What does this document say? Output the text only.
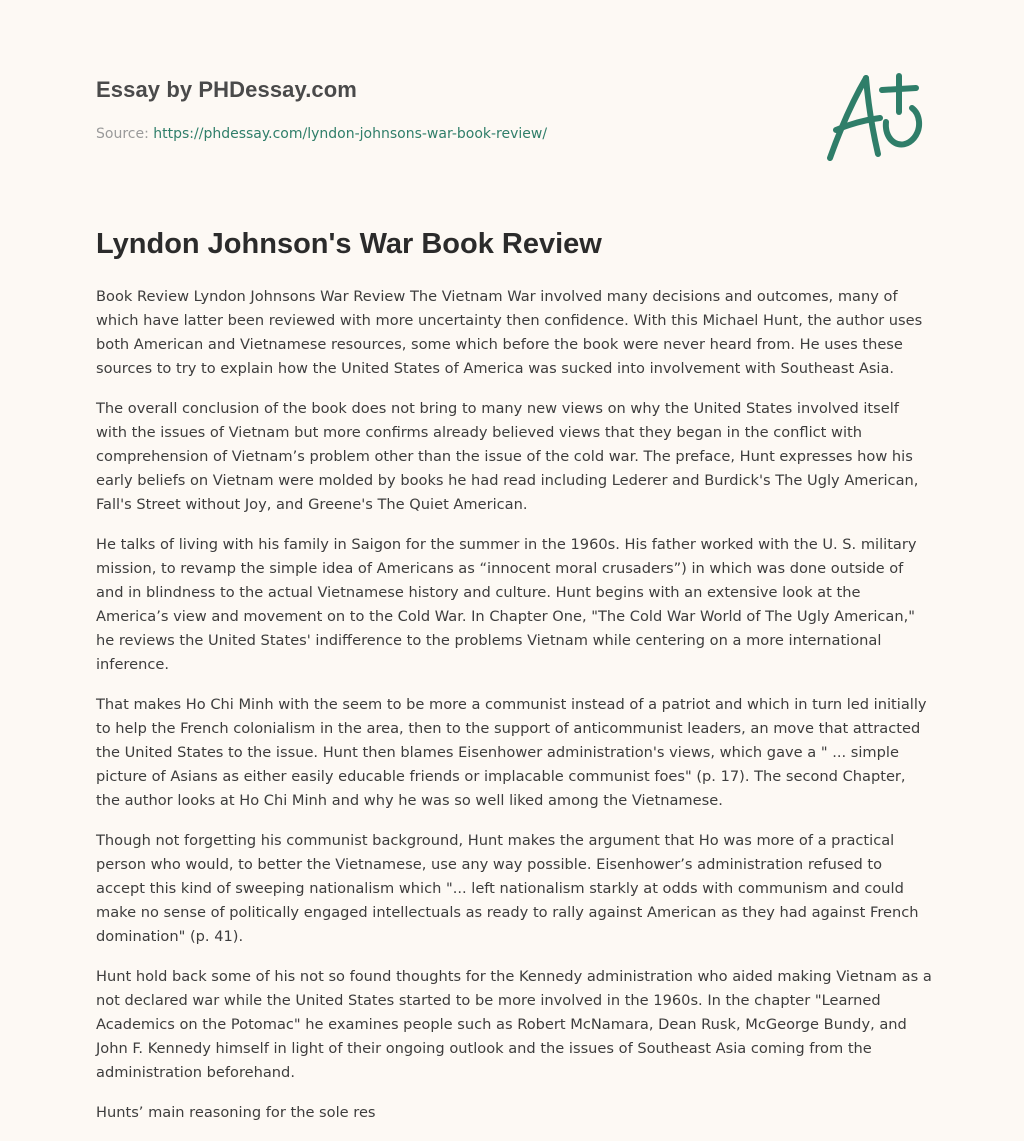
Essay by PHDessay.com
Source: https://phdessay.com/lyndon-johnsons-war-book-review/
Lyndon Johnson's War Book Review

Book Review Lyndon Johnsons War Review The Vietnam War involved many decisions and outcomes, many of which have latter been reviewed with more uncertainty then confidence. With this Michael Hunt, the author uses both American and Vietnamese resources, some which before the book were never heard from. He uses these sources to try to explain how the United States of America was sucked into involvement with Southeast Asia.

The overall conclusion of the book does not bring to many new views on why the United States involved itself with the issues of Vietnam but more confirms already believed views that they began in the conflict with comprehension of Vietnam’s problem other than the issue of the cold war. The preface, Hunt expresses how his early beliefs on Vietnam were molded by books he had read including Lederer and Burdick's The Ugly American, Fall's Street without Joy, and Greene's The Quiet American.

He talks of living with his family in Saigon for the summer in the 1960s. His father worked with the U. S. military mission, to revamp the simple idea of Americans as “innocent moral crusaders”) in which was done outside of and in blindness to the actual Vietnamese history and culture. Hunt begins with an extensive look at the America’s view and movement on to the Cold War. In Chapter One, "The Cold War World of The Ugly American," he reviews the United States' indifference to the problems Vietnam while centering on a more international inference.

That makes Ho Chi Minh with the seem to be more a communist instead of a patriot and which in turn led initially to help the French colonialism in the area, then to the support of anticommunist leaders, an move that attracted the United States to the issue. Hunt then blames Eisenhower administration's views, which gave a " ... simple picture of Asians as either easily educable friends or implacable communist foes" (p. 17). The second Chapter, the author looks at Ho Chi Minh and why he was so well liked among the Vietnamese.

Though not forgetting his communist background, Hunt makes the argument that Ho was more of a practical person who would, to better the Vietnamese, use any way possible. Eisenhower’s administration refused to accept this kind of sweeping nationalism which "... left nationalism starkly at odds with communism and could make no sense of politically engaged intellectuals as ready to rally against American as they had against French domination" (p. 41).

Hunt hold back some of his not so found thoughts for the Kennedy administration who aided making Vietnam as a not declared war while the United States started to be more involved in the 1960s. In the chapter "Learned Academics on the Potomac" he examines people such as Robert McNamara, Dean Rusk, McGeorge Bundy, and John F. Kennedy himself in light of their ongoing outlook and the issues of Southeast Asia coming from the administration beforehand.

Hunts’ main reasoning for the sole res
